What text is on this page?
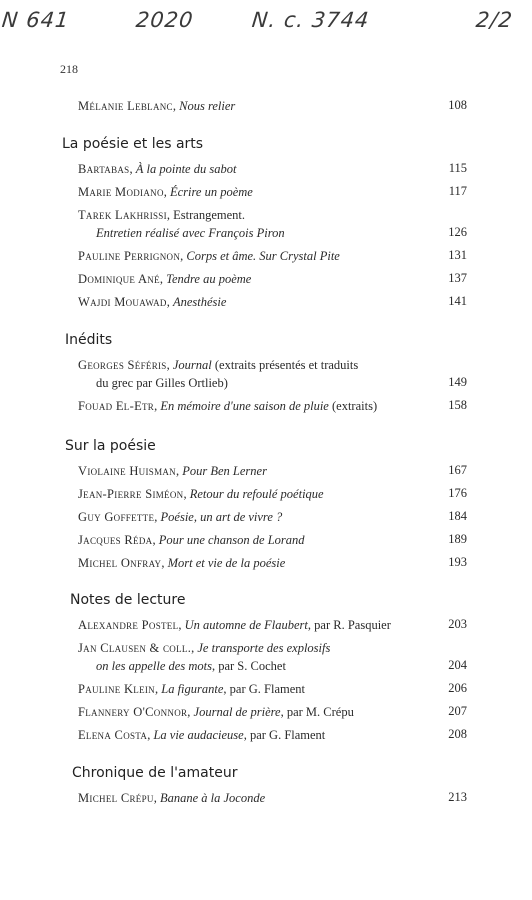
N 641	2020	N. c. 3744	2/2
218
Mélanie Leblanc, Nous relier	108
La poésie et les arts
Bartabas, À la pointe du sabot	115
Marie Modiano, Écrire un poème	117
Tarek Lakhrissi, Estrangement.
Entretien réalisé avec François Piron	126
Pauline Perrignon, Corps et âme. Sur Crystal Pite	131
Dominique Ané, Tendre au poème	137
Wajdi Mouawad, Anesthésie	141
Inédits
Georges Séféris, Journal (extraits présentés et traduits
du grec par Gilles Ortlieb)	149
Fouad El-Etr, En mémoire d'une saison de pluie (extraits)	158
Sur la poésie
Violaine Huisman, Pour Ben Lerner	167
Jean-Pierre Siméon, Retour du refoulé poétique	176
Guy Goffette, Poésie, un art de vivre ?	184
Jacques Réda, Pour une chanson de Lorand	189
Michel Onfray, Mort et vie de la poésie	193
Notes de lecture
Alexandre Postel, Un automne de Flaubert, par R. Pasquier	203
Jan Clausen & coll., Je transporte des explosifs
on les appelle des mots, par S. Cochet	204
Pauline Klein, La figurante, par G. Flament	206
Flannery O'Connor, Journal de prière, par M. Crépu	207
Elena Costa, La vie audacieuse, par G. Flament	208
Chronique de l'amateur
Michel Crépu, Banane à la Joconde	213
